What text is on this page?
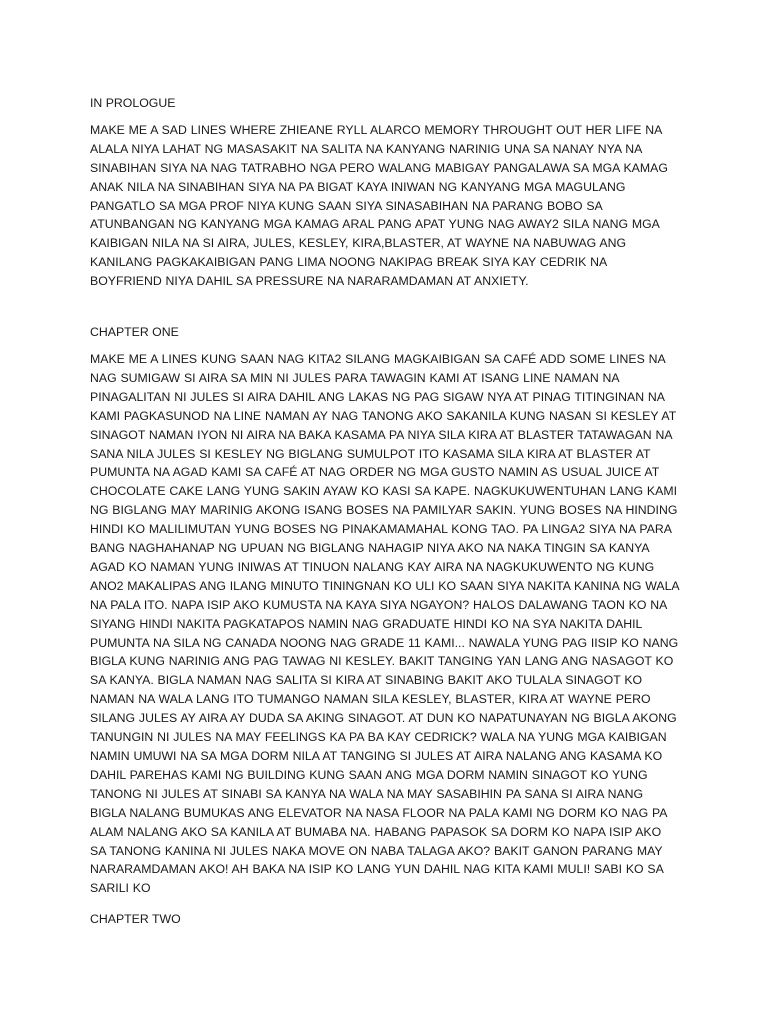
IN PROLOGUE

MAKE ME A SAD LINES WHERE ZHIEANE RYLL ALARCO MEMORY THROUGHT OUT HER LIFE NA ALALA NIYA LAHAT NG MASASAKIT NA SALITA NA KANYANG NARINIG UNA SA NANAY NYA NA SINABIHAN SIYA NA NAG TATRABHO NGA PERO WALANG MABIGAY PANGALAWA SA MGA KAMAG ANAK NILA NA SINABIHAN SIYA NA PA BIGAT KAYA INIWAN NG KANYANG MGA MAGULANG PANGATLO SA MGA PROF NIYA KUNG SAAN SIYA SINASABIHAN NA PARANG BOBO SA ATUNBANGAN NG KANYANG MGA KAMAG ARAL PANG APAT YUNG NAG AWAY2 SILA NANG MGA KAIBIGAN NILA NA SI AIRA, JULES, KESLEY, KIRA,BLASTER, AT WAYNE NA NABUWAG ANG KANILANG PAGKAKAIBIGAN PANG LIMA NOONG NAKIPAG BREAK SIYA KAY CEDRIK NA BOYFRIEND NIYA DAHIL SA PRESSURE NA NARARAMDAMAN AT ANXIETY.

CHAPTER ONE

MAKE ME A LINES KUNG SAAN NAG KITA2 SILANG MAGKAIBIGAN SA CAFÉ ADD SOME LINES NA NAG SUMIGAW SI AIRA SA MIN NI JULES PARA TAWAGIN KAMI AT ISANG LINE NAMAN NA PINAGALITAN NI JULES SI AIRA DAHIL ANG LAKAS NG PAG SIGAW NYA AT PINAG TITINGINAN NA KAMI PAGKASUNOD NA LINE NAMAN AY NAG TANONG AKO SAKANILA KUNG NASAN SI KESLEY AT SINAGOT NAMAN IYON NI AIRA NA BAKA KASAMA PA NIYA SILA KIRA AT BLASTER TATAWAGAN NA SANA NILA JULES SI KESLEY NG BIGLANG SUMULPOT ITO KASAMA SILA KIRA AT BLASTER AT PUMUNTA NA AGAD KAMI SA CAFÉ AT NAG ORDER NG MGA GUSTO NAMIN AS USUAL JUICE AT CHOCOLATE CAKE LANG YUNG SAKIN AYAW KO KASI SA KAPE. NAGKUKUWENTUHAN LANG KAMI NG BIGLANG MAY MARINIG AKONG ISANG BOSES NA PAMILYAR SAKIN. YUNG BOSES NA HINDING HINDI KO MALILIMUTAN YUNG BOSES NG PINAKAMAMAHAL KONG TAO. PA LINGA2 SIYA NA PARA BANG NAGHAHANAP NG UPUAN NG BIGLANG NAHAGIP NIYA AKO NA NAKA TINGIN SA KANYA AGAD KO NAMAN YUNG INIWAS AT TINUON NALANG KAY AIRA NA NAGKUKUWENTO NG KUNG ANO2 MAKALIPAS ANG ILANG MINUTO TININGNAN KO ULI KO SAAN SIYA NAKITA KANINA NG WALA NA PALA ITO. NAPA ISIP AKO KUMUSTA NA KAYA SIYA NGAYON? HALOS DALAWANG TAON KO NA SIYANG HINDI NAKITA PAGKATAPOS NAMIN NAG GRADUATE HINDI KO NA SYA NAKITA DAHIL PUMUNTA NA SILA NG CANADA NOONG NAG GRADE 11 KAMI... NAWALA YUNG PAG IISIP KO NANG BIGLA KUNG NARINIG ANG PAG TAWAG NI KESLEY. BAKIT TANGING YAN LANG ANG NASAGOT KO SA KANYA. BIGLA NAMAN NAG SALITA SI KIRA AT SINABING BAKIT AKO TULALA SINAGOT KO NAMAN NA WALA LANG ITO TUMANGO NAMAN SILA KESLEY, BLASTER, KIRA AT WAYNE PERO SILANG JULES AY AIRA AY DUDA SA AKING SINAGOT. AT DUN KO NAPATUNAYAN NG BIGLA AKONG TANUNGIN NI JULES NA MAY FEELINGS KA PA BA KAY CEDRICK? WALA NA YUNG MGA KAIBIGAN NAMIN UMUWI NA SA MGA DORM NILA AT TANGING SI JULES AT AIRA NALANG ANG KASAMA KO DAHIL PAREHAS KAMI NG BUILDING KUNG SAAN ANG MGA DORM NAMIN SINAGOT KO YUNG TANONG NI JULES AT SINABI SA KANYA NA WALA NA MAY SASABIHIN PA SANA SI AIRA NANG BIGLA NALANG BUMUKAS ANG ELEVATOR NA NASA FLOOR NA PALA KAMI NG DORM KO NAG PA ALAM NALANG AKO SA KANILA AT BUMABA NA. HABANG PAPASOK SA DORM KO NAPA ISIP AKO SA TANONG KANINA NI JULES NAKA MOVE ON NABA TALAGA AKO? BAKIT GANON PARANG MAY NARARAMDAMAN AKO! AH BAKA NA ISIP KO LANG YUN DAHIL NAG KITA KAMI MULI! SABI KO SA SARILI KO

CHAPTER TWO
